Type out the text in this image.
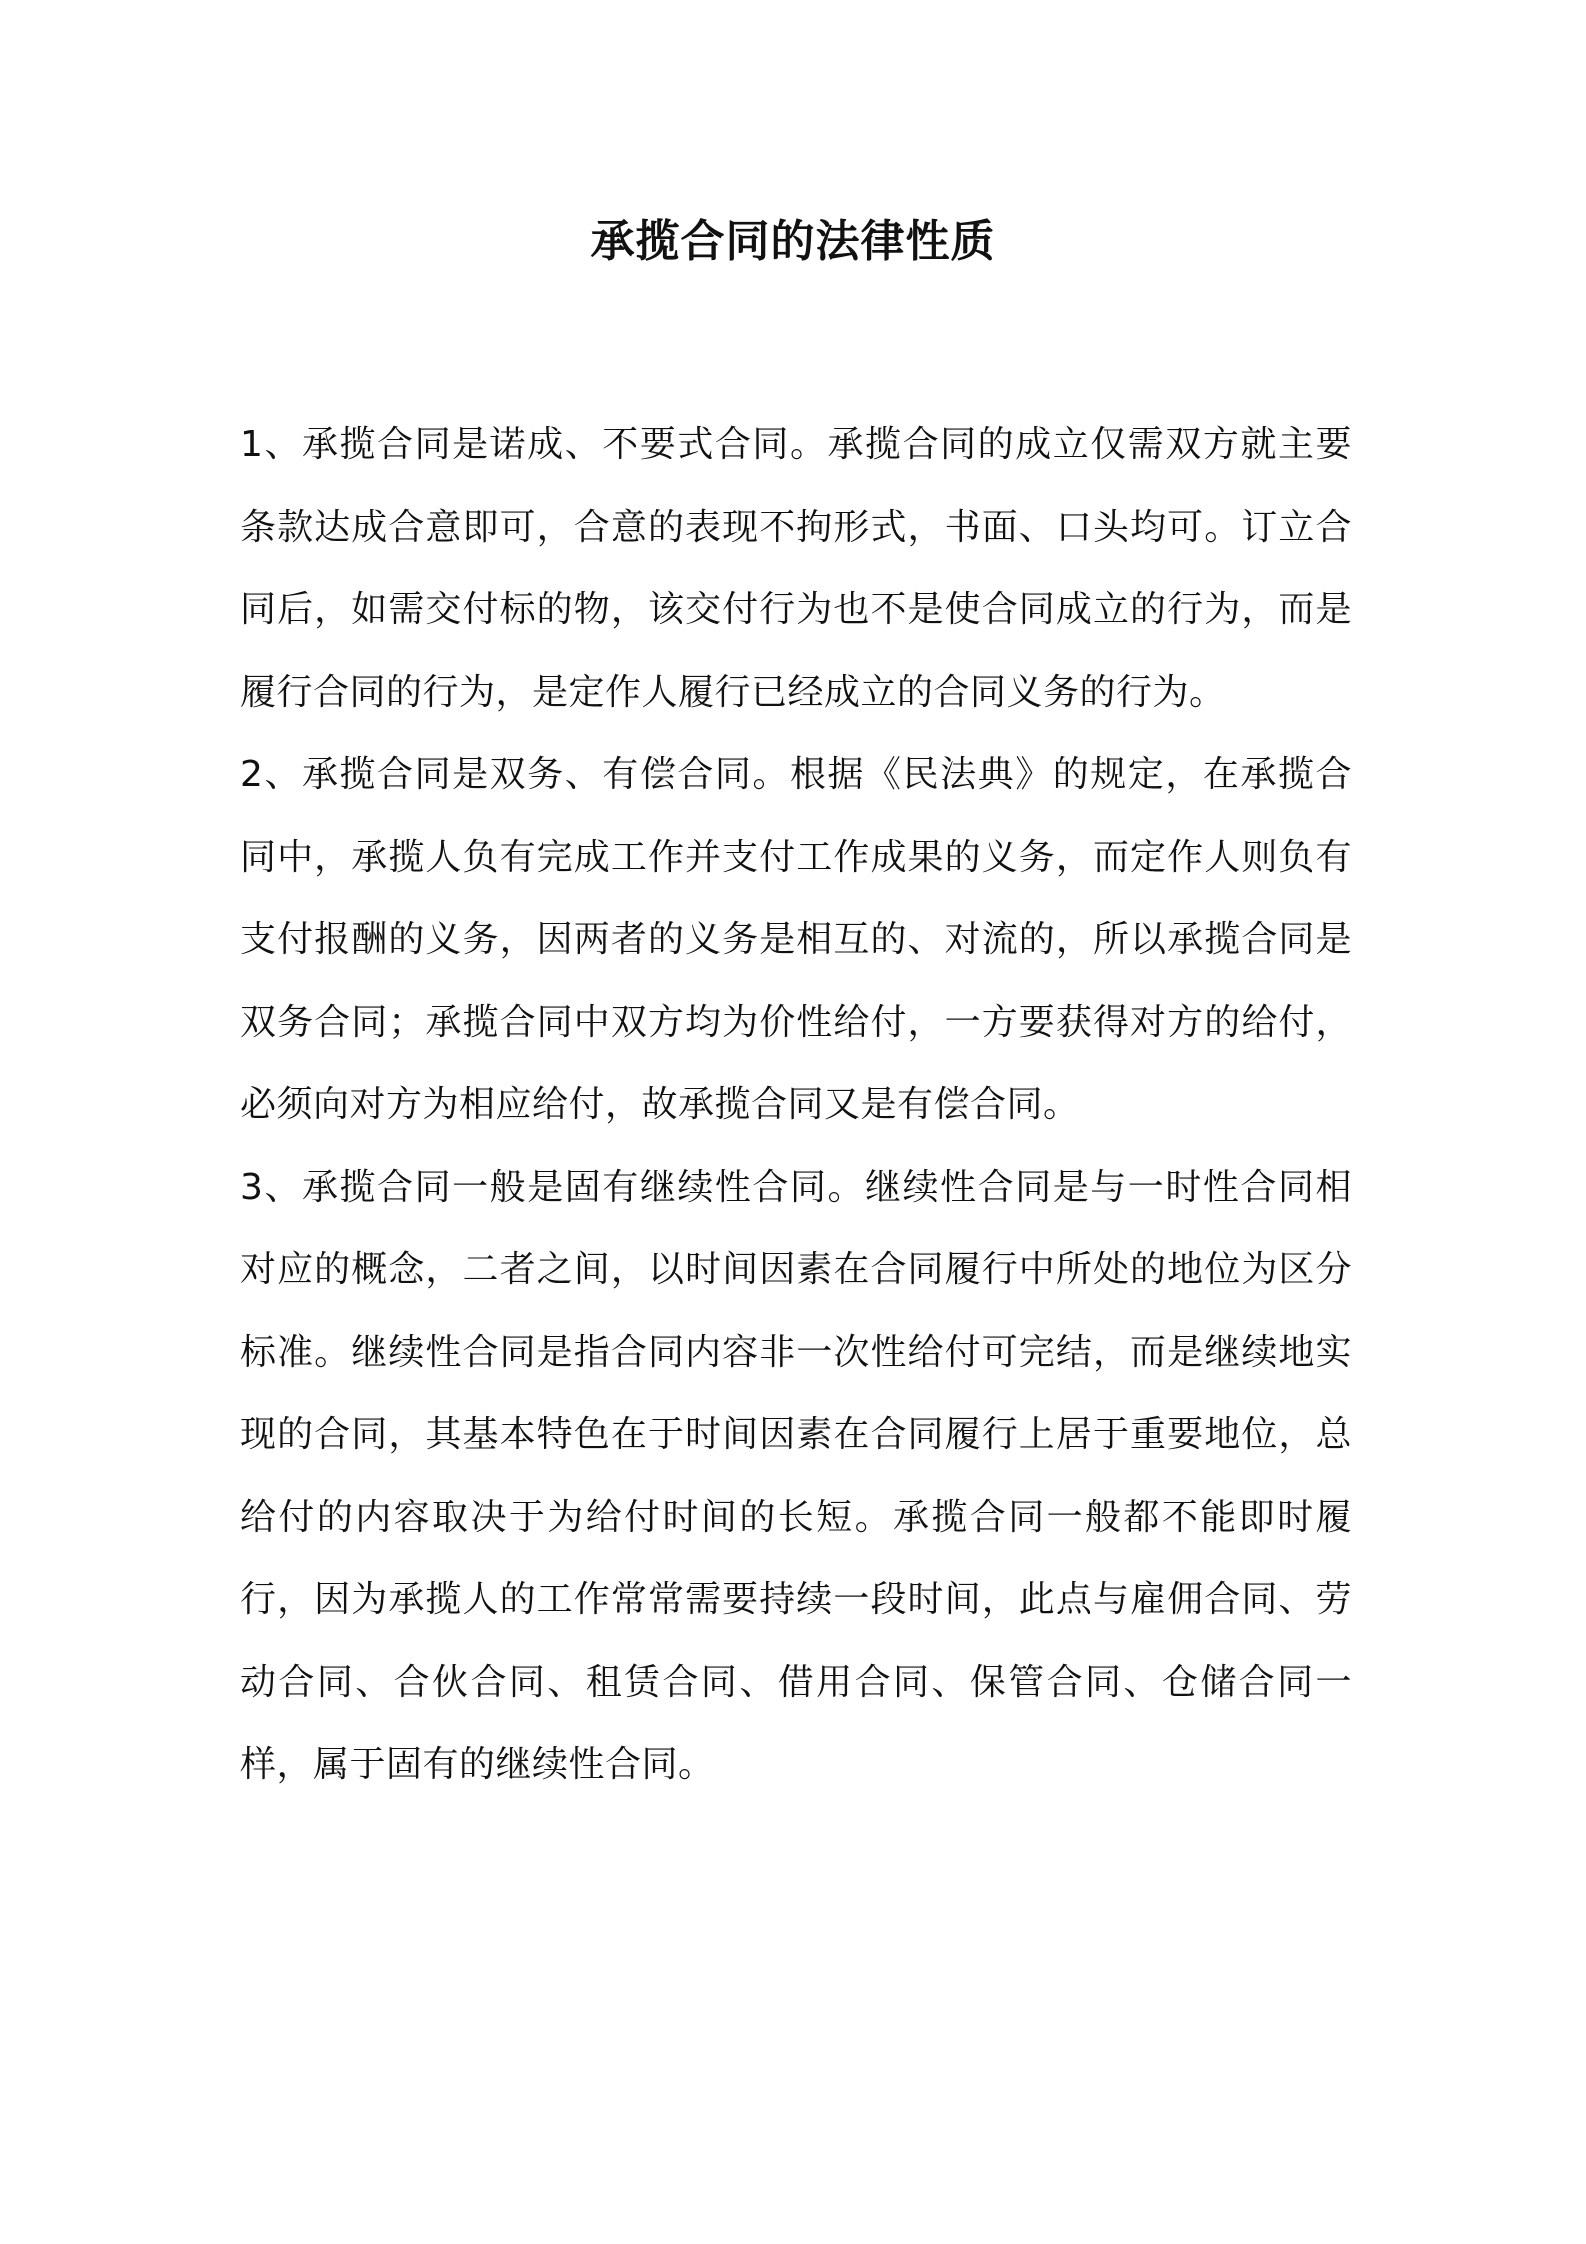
承揽合同的法律性质

1、承揽合同是诺成、不要式合同。承揽合同的成立仅需双方就主要条款达成合意即可，合意的表现不拘形式，书面、口头均可。订立合同后，如需交付标的物，该交付行为也不是使合同成立的行为，而是履行合同的行为，是定作人履行已经成立的合同义务的行为。

2、承揽合同是双务、有偿合同。根据《民法典》的规定，在承揽合同中，承揽人负有完成工作并支付工作成果的义务，而定作人则负有支付报酬的义务，因两者的义务是相互的、对流的，所以承揽合同是双务合同；承揽合同中双方均为价性给付，一方要获得对方的给付，必须向对方为相应给付，故承揽合同又是有偿合同。

3、承揽合同一般是固有继续性合同。继续性合同是与一时性合同相对应的概念，二者之间，以时间因素在合同履行中所处的地位为区分标准。继续性合同是指合同内容非一次性给付可完结，而是继续地实现的合同，其基本特色在于时间因素在合同履行上居于重要地位，总给付的内容取决于为给付时间的长短。承揽合同一般都不能即时履行，因为承揽人的工作常常需要持续一段时间，此点与雇佣合同、劳动合同、合伙合同、租赁合同、借用合同、保管合同、仓储合同一样，属于固有的继续性合同。
